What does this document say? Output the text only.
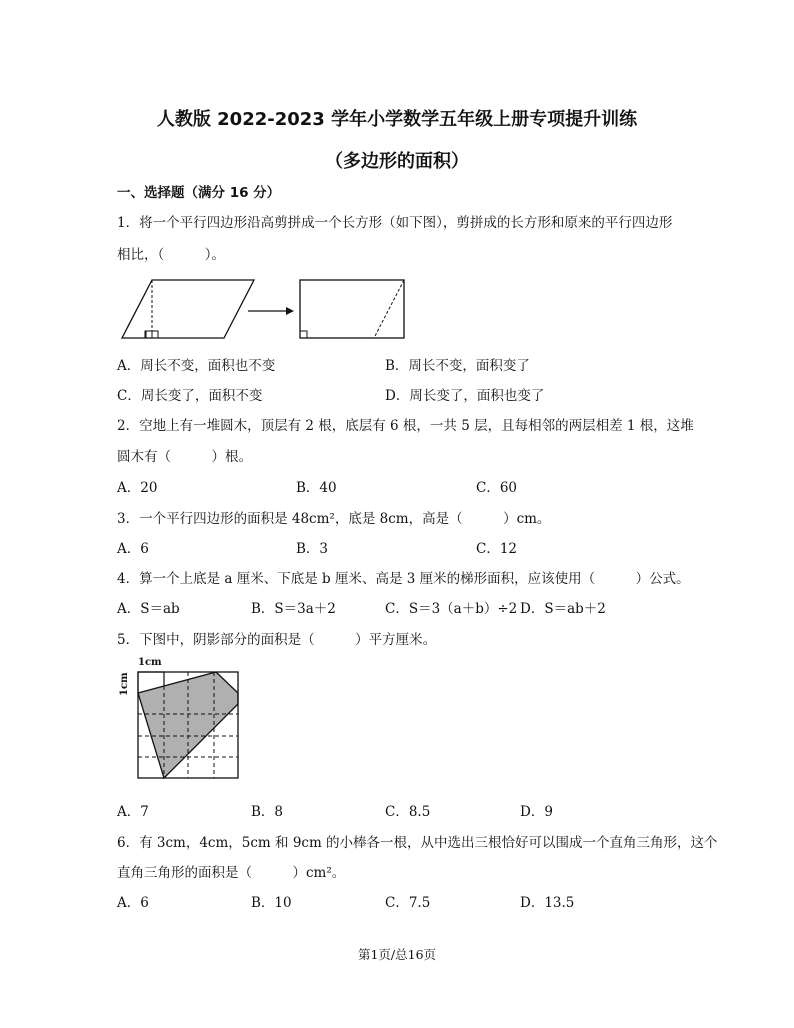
人教版 2022-2023 学年小学数学五年级上册专项提升训练
（多边形的面积）
一、选择题（满分 16 分）
1．将一个平行四边形沿高剪拼成一个长方形（如下图），剪拼成的长方形和原来的平行四边形
相比，（　　　）。
A．周长不变，面积也不变	B．周长不变，面积变了
C．周长变了，面积不变	D．周长变了，面积也变了
2．空地上有一堆圆木，顶层有 2 根，底层有 6 根，一共 5 层，且每相邻的两层相差 1 根，这堆
圆木有（　　　）根。
A．20	B．40	C．60
3．一个平行四边形的面积是 48cm²，底是 8cm，高是（　　　）cm。
A．6	B．3	C．12
4．算一个上底是 a 厘米、下底是 b 厘米、高是 3 厘米的梯形面积，应该使用（　　　）公式。
A．S＝ab	B．S＝3a＋2	C．S＝3（a＋b）÷2 D．S＝ab＋2
5．下图中，阴影部分的面积是（　　　）平方厘米。
1cm
1cm
A．7	B．8	C．8.5	D．9
6．有 3cm，4cm，5cm 和 9cm 的小棒各一根，从中选出三根恰好可以围成一个直角三角形，这个
直角三角形的面积是（　　　）cm²。
A．6	B．10	C．7.5	D．13.5
第1页/总16页
